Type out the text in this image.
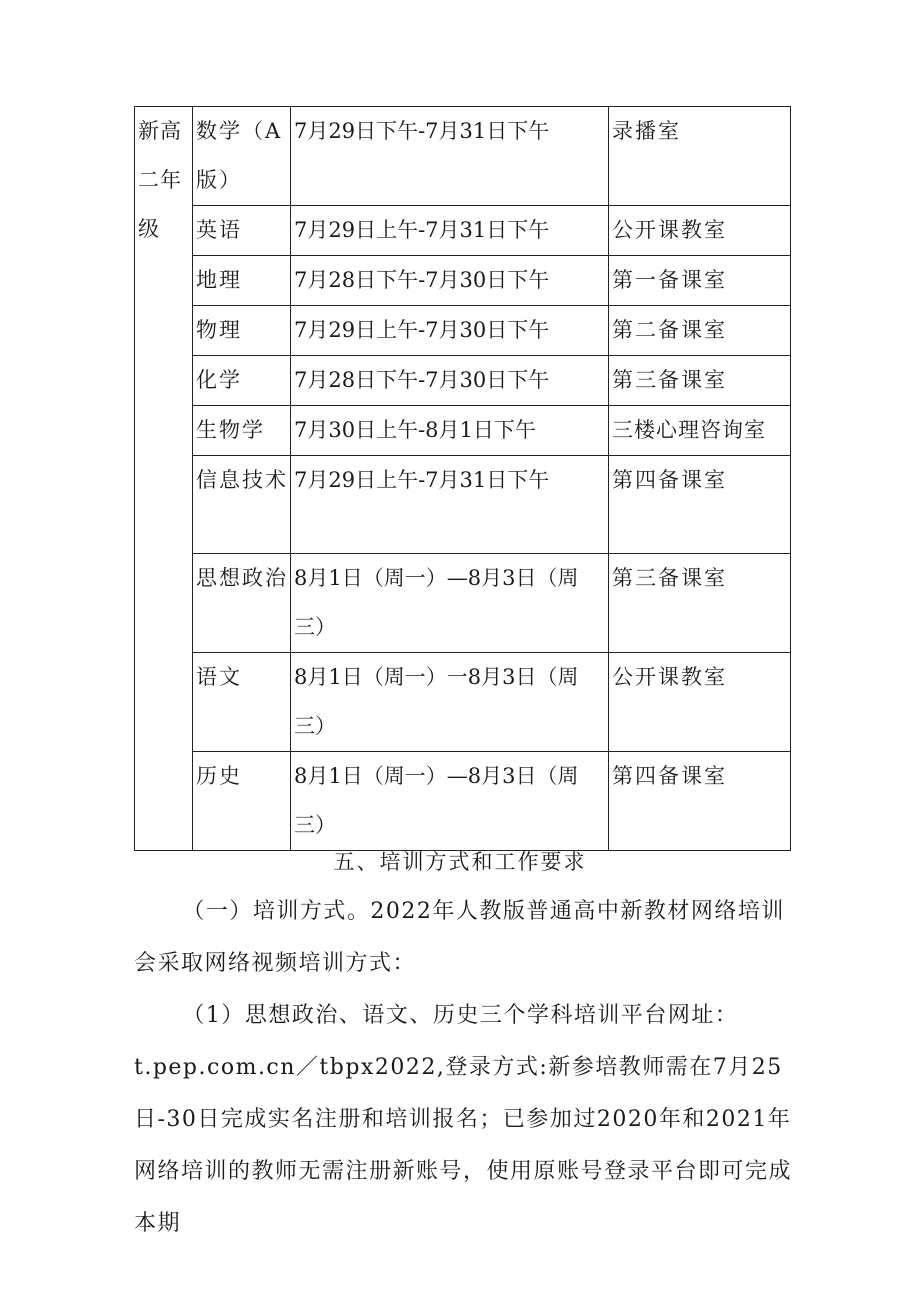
新高二年级	数学（A版）	7月29日下午-7月31日下午	录播室
	英语	7月29日上午-7月31日下午	公开课教室
	地理	7月28日下午-7月30日下午	第一备课室
	物理	7月29日上午-7月30日下午	第二备课室
	化学	7月28日下午-7月30日下午	第三备课室
	生物学	7月30日上午-8月1日下午	三楼心理咨询室
	信息技术	7月29日上午-7月31日下午	第四备课室
	思想政治	8月1日（周一）—8月3日（周三）	第三备课室
	语文	8月1日（周一）一8月3日（周三）	公开课教室
	历史	8月1日（周一）—8月3日（周三）	第四备课室
五、培训方式和工作要求

（一）培训方式。2022年人教版普通高中新教材网络培训会采取网络视频培训方式：

（1）思想政治、语文、历史三个学科培训平台网址：

t.pep.com.cn／tbpx2022,登录方式:新参培教师需在7月25日-30日完成实名注册和培训报名；已参加过2020年和2021年网络培训的教师无需注册新账号，使用原账号登录平台即可完成本期
